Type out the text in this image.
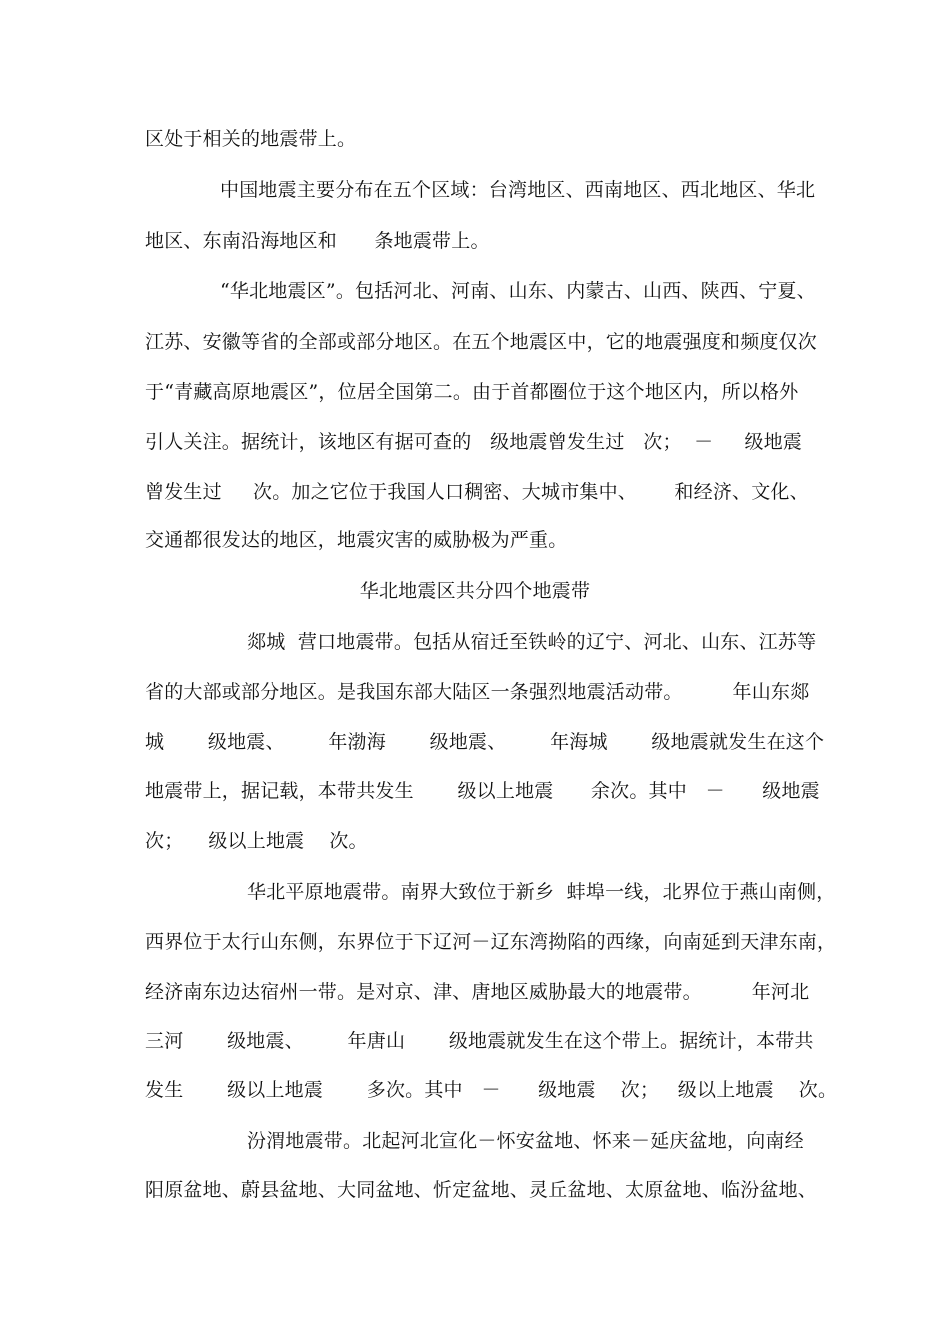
区处于相关的地震带上。
中国地震主要分布在五个区域：台湾地区、西南地区、西北地区、华北
地区、东南沿海地区和      条地震带上。
“华北地震区”。包括河北、河南、山东、内蒙古、山西、陕西、宁夏、
江苏、安徽等省的全部或部分地区。在五个地震区中，它的地震强度和频度仅次
于“青藏高原地震区”，位居全国第二。由于首都圈位于这个地区内，所以格外
引人关注。据统计，该地区有据可查的   级地震曾发生过   次；  －     级地震
曾发生过     次。加之它位于我国人口稠密、大城市集中、      和经济、文化、
交通都很发达的地区，地震灾害的威胁极为严重。
华北地震区共分四个地震带
郯城  营口地震带。包括从宿迁至铁岭的辽宁、河北、山东、江苏等
省的大部或部分地区。是我国东部大陆区一条强烈地震活动带。        年山东郯
城       级地震、       年渤海       级地震、       年海城       级地震就发生在这个
地震带上，据记载，本带共发生       级以上地震      余次。其中   －      级地震
次；    级以上地震    次。
华北平原地震带。南界大致位于新乡  蚌埠一线，北界位于燕山南侧，
西界位于太行山东侧，东界位于下辽河－辽东湾拗陷的西缘，向南延到天津东南，
经济南东边达宿州一带。是对京、津、唐地区威胁最大的地震带。        年河北
三河       级地震、       年唐山       级地震就发生在这个带上。据统计，本带共
发生       级以上地震       多次。其中   －      级地震    次；   级以上地震    次。
汾渭地震带。北起河北宣化－怀安盆地、怀来－延庆盆地，向南经
阳原盆地、蔚县盆地、大同盆地、忻定盆地、灵丘盆地、太原盆地、临汾盆地、
